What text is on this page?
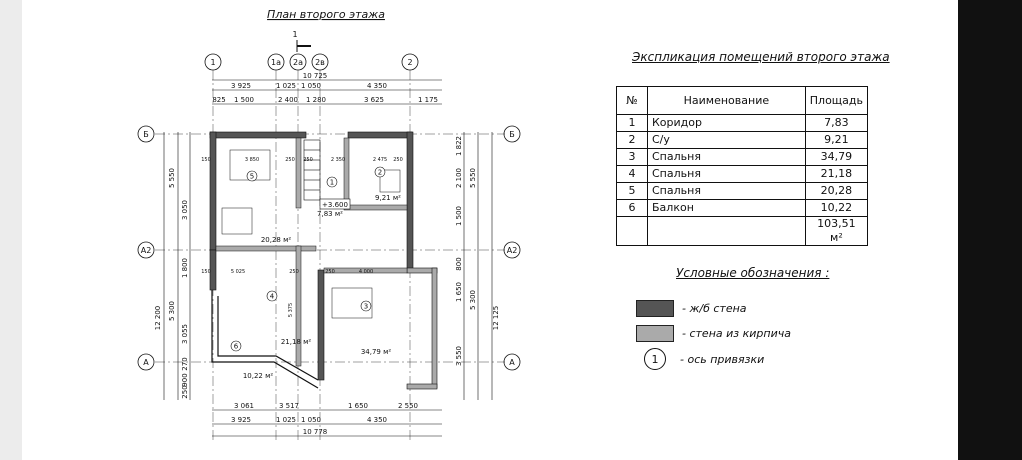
План второго этажа
1
1	1а 2а 2в	2
Б	Б
А2	А2
А	А
+3.600
1
7,83 м²
2
9,21 м²
3
34,79 м²
4
21,18 м²
5
20,28 м²
6
10,22 м²
10 725
3 925	1 025 1 050	4 350
825 1 500	2 400 1 280	3 625	1 175
3 061	3 517	1 650	2 550
3 925	1 025 1 050	4 350
10 778
12 200
5 550
5 300
3 050
1 800
3 055
270
900
250
1 822
2 100
1 500
800
1 650
3 550
5 550
5 300
12 125
3 850	250	2 350	2 475
250	250
5 025	250	4 000
250
150
150
5 375
Экспликация помещений второго этажа
№	Наименование	Площадь
1	Коридор	7,83
2	С/у	9,21
3	Спальня	34,79
4	Спальня	21,18
5	Спальня	20,28
6	Балкон	10,22
		103,51 м²
Условные обозначения :
- ж/б стена
- стена из кирпича
1	- ось привязки
